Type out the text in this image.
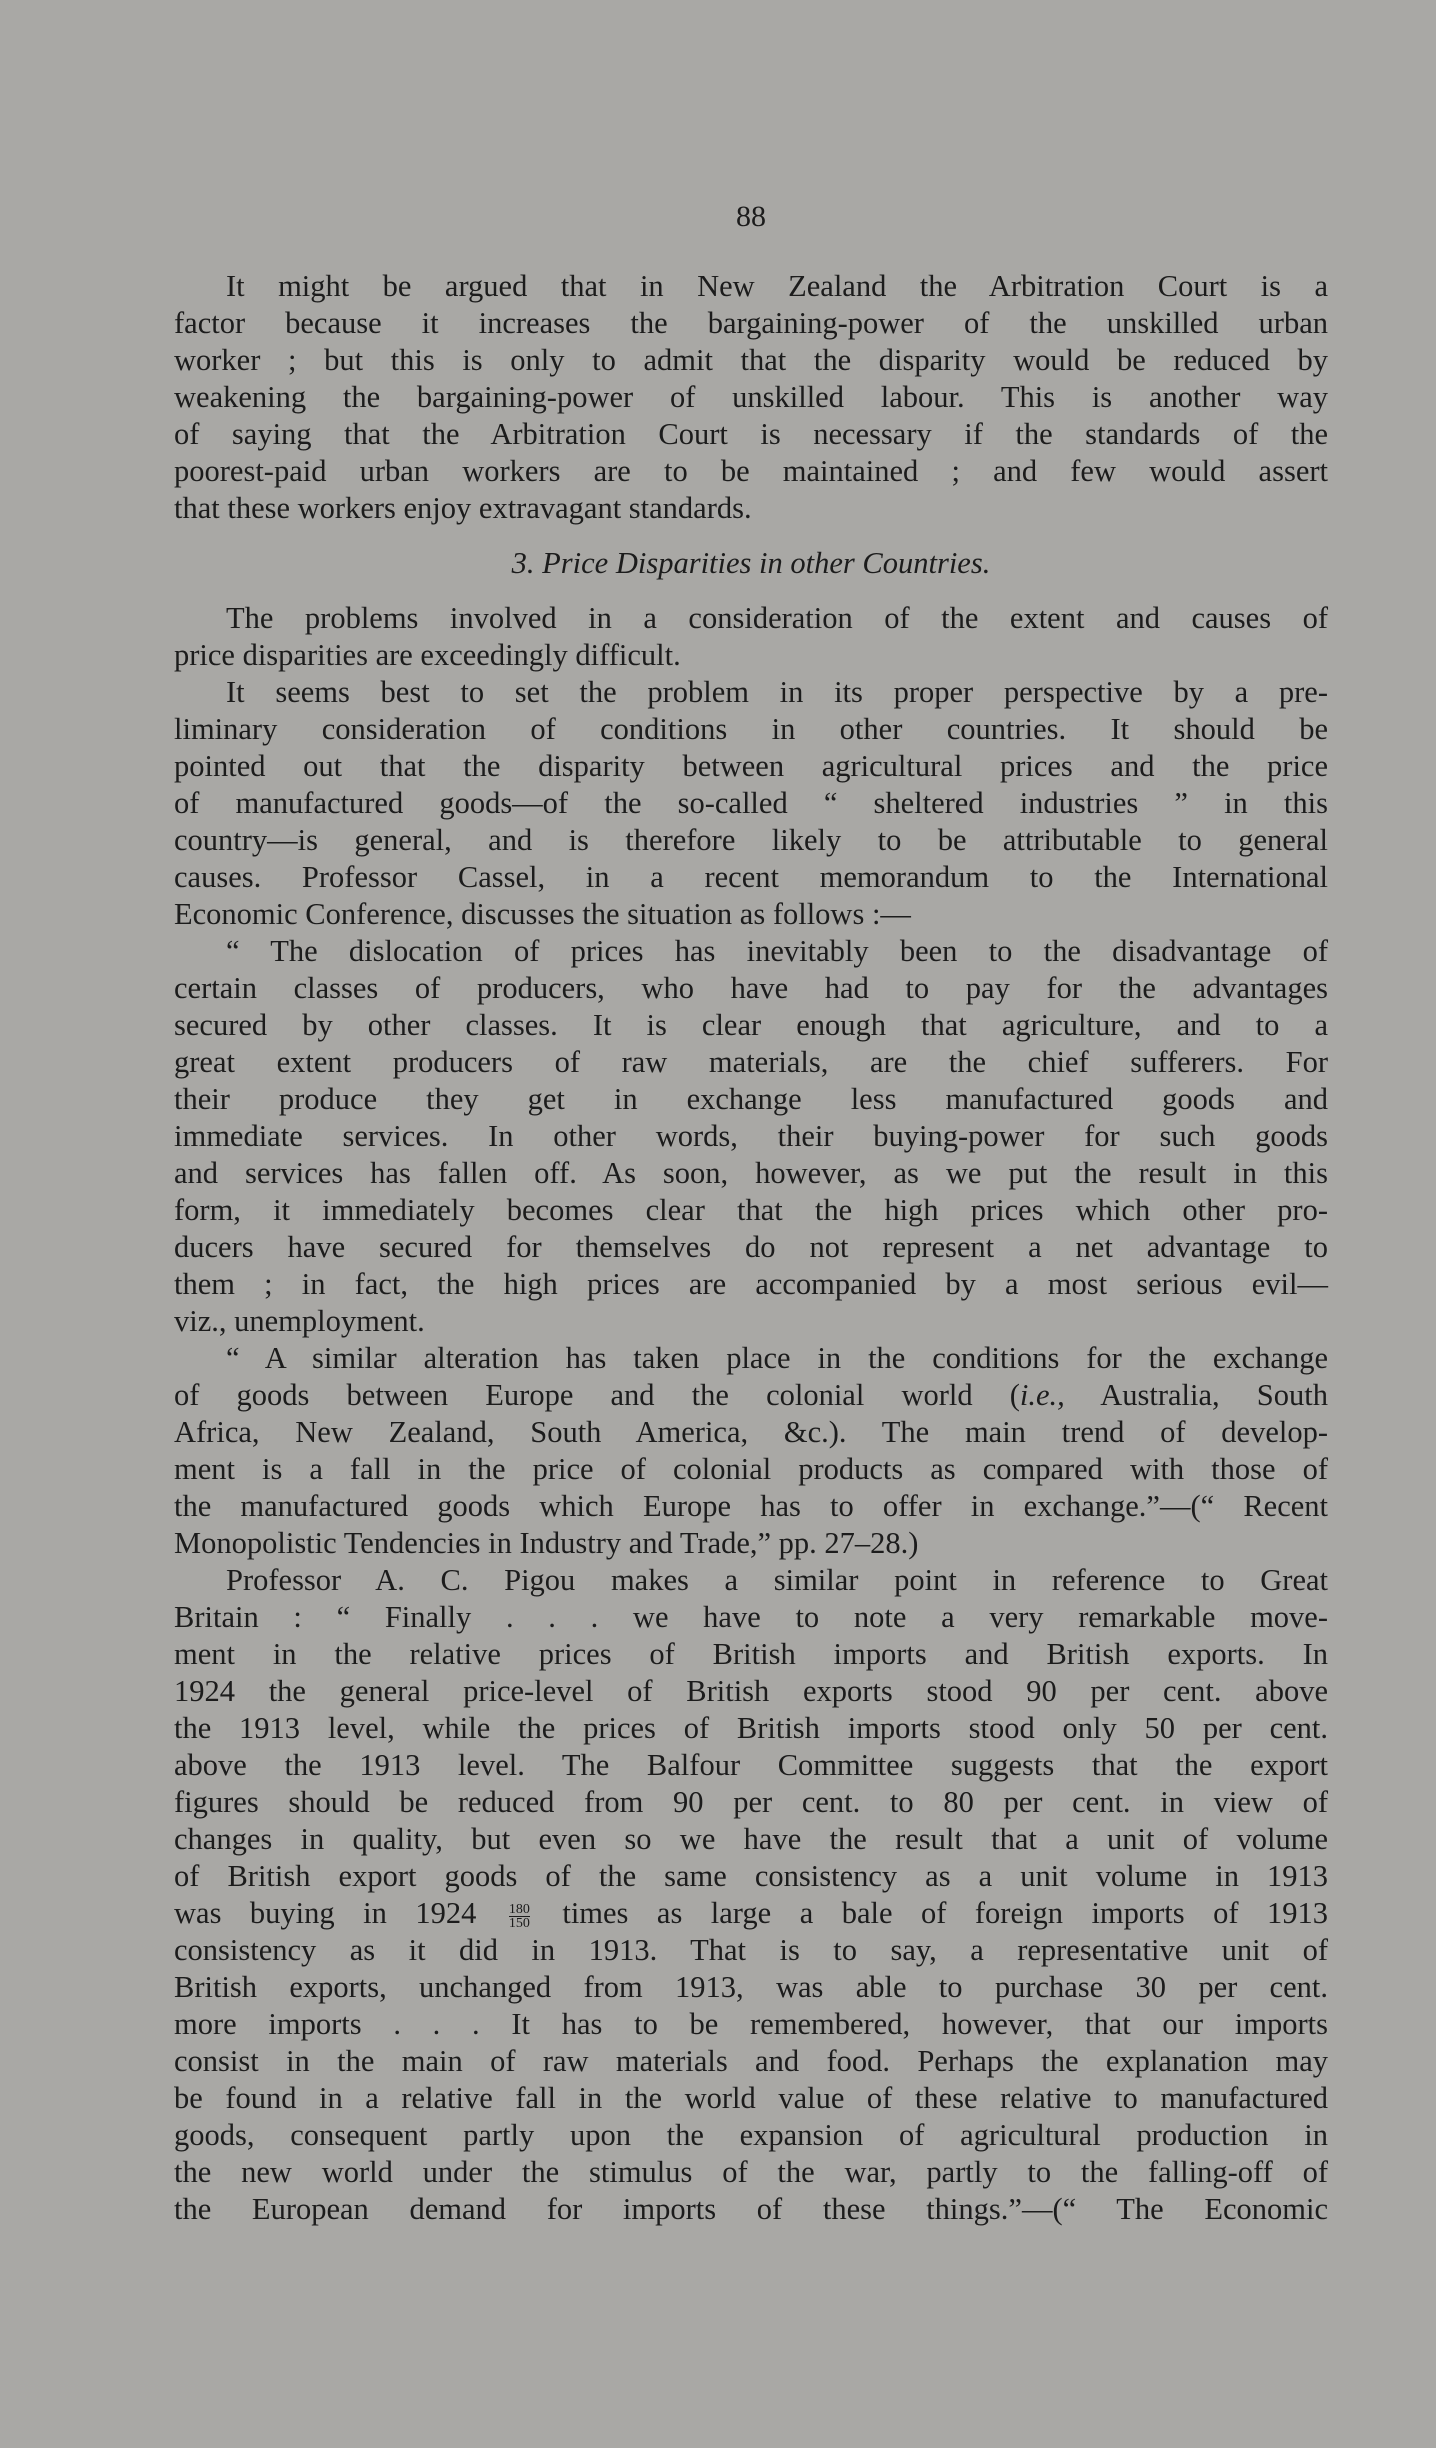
88
It might be argued that in New Zealand the Arbitration Court is a
factor because it increases the bargaining-power of the unskilled urban
worker ; but this is only to admit that the disparity would be reduced by
weakening the bargaining-power of unskilled labour. This is another way
of saying that the Arbitration Court is necessary if the standards of the
poorest-paid urban workers are to be maintained ; and few would assert
that these workers enjoy extravagant standards.
3. Price Disparities in other Countries.
The problems involved in a consideration of the extent and causes of
price disparities are exceedingly difficult.
It seems best to set the problem in its proper perspective by a pre-
liminary consideration of conditions in other countries. It should be
pointed out that the disparity between agricultural prices and the price
of manufactured goods—of the so-called “ sheltered industries ” in this
country—is general, and is therefore likely to be attributable to general
causes. Professor Cassel, in a recent memorandum to the International
Economic Conference, discusses the situation as follows :—
“ The dislocation of prices has inevitably been to the disadvantage of
certain classes of producers, who have had to pay for the advantages
secured by other classes. It is clear enough that agriculture, and to a
great extent producers of raw materials, are the chief sufferers. For
their produce they get in exchange less manufactured goods and
immediate services. In other words, their buying-power for such goods
and services has fallen off. As soon, however, as we put the result in this
form, it immediately becomes clear that the high prices which other pro-
ducers have secured for themselves do not represent a net advantage to
them ; in fact, the high prices are accompanied by a most serious evil—
viz., unemployment.
“ A similar alteration has taken place in the conditions for the exchange
of goods between Europe and the colonial world (i.e., Australia, South
Africa, New Zealand, South America, &c.). The main trend of develop-
ment is a fall in the price of colonial products as compared with those of
the manufactured goods which Europe has to offer in exchange.”—(“ Recent
Monopolistic Tendencies in Industry and Trade,” pp. 27–28.)
Professor A. C. Pigou makes a similar point in reference to Great
Britain : “ Finally . . . we have to note a very remarkable move-
ment in the relative prices of British imports and British exports. In
1924 the general price-level of British exports stood 90 per cent. above
the 1913 level, while the prices of British imports stood only 50 per cent.
above the 1913 level. The Balfour Committee suggests that the export
figures should be reduced from 90 per cent. to 80 per cent. in view of
changes in quality, but even so we have the result that a unit of volume
of British export goods of the same consistency as a unit volume in 1913
was buying in $1924 \frac{180}{150}$ times as large a bale of foreign imports of 1913
consistency as it did in 1913. That is to say, a representative unit of
British exports, unchanged from 1913, was able to purchase 30 per cent.
more imports . . . It has to be remembered, however, that our imports
consist in the main of raw materials and food. Perhaps the explanation may
be found in a relative fall in the world value of these relative to manufactured
goods, consequent partly upon the expansion of agricultural production in
the new world under the stimulus of the war, partly to the falling-off of
the European demand for imports of these things.”—(“ The Economic
